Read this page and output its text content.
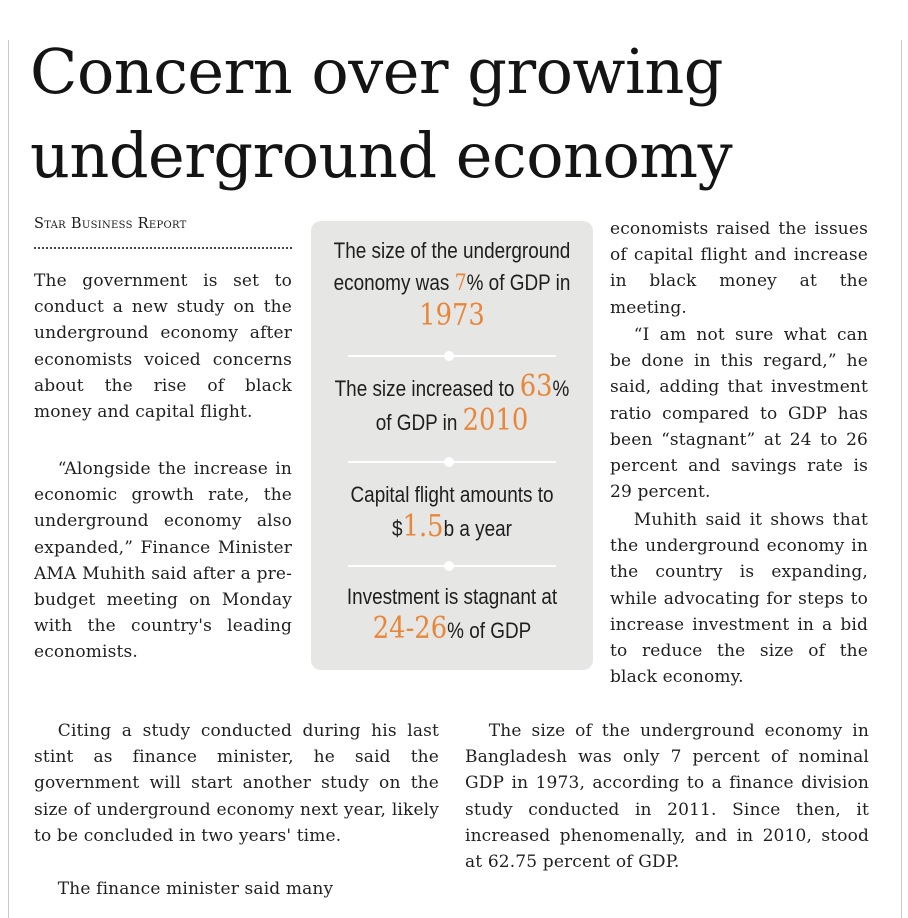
Concern over growing
underground economy
Star Business Report

The government is set to conduct a new study on the underground economy after economists voiced concerns about the rise of black money and capital flight.

“Alongside the increase in economic growth rate, the underground economy also expanded,” Finance Minister AMA Muhith said after a pre-budget meeting on Monday with the country's leading economists.

The size of the underground economy was 7% of GDP in 1973
The size increased to 63% of GDP in 2010
Capital flight amounts to $1.5b a year
Investment is stagnant at 24-26% of GDP

economists raised the issues of capital flight and increase in black money at the meeting.

“I am not sure what can be done in this regard,” he said, adding that investment ratio compared to GDP has been “stagnant” at 24 to 26 percent and savings rate is 29 percent.

Muhith said it shows that the underground economy in the country is expanding, while advocating for steps to increase investment in a bid to reduce the size of the black economy.

Citing a study conducted during his last stint as finance minister, he said the government will start another study on the size of underground economy next year, likely to be concluded in two years' time.

The finance minister said many

The size of the underground economy in Bangladesh was only 7 percent of nominal GDP in 1973, according to a finance division study conducted in 2011. Since then, it increased phenomenally, and in 2010, stood at 62.75 percent of GDP.
